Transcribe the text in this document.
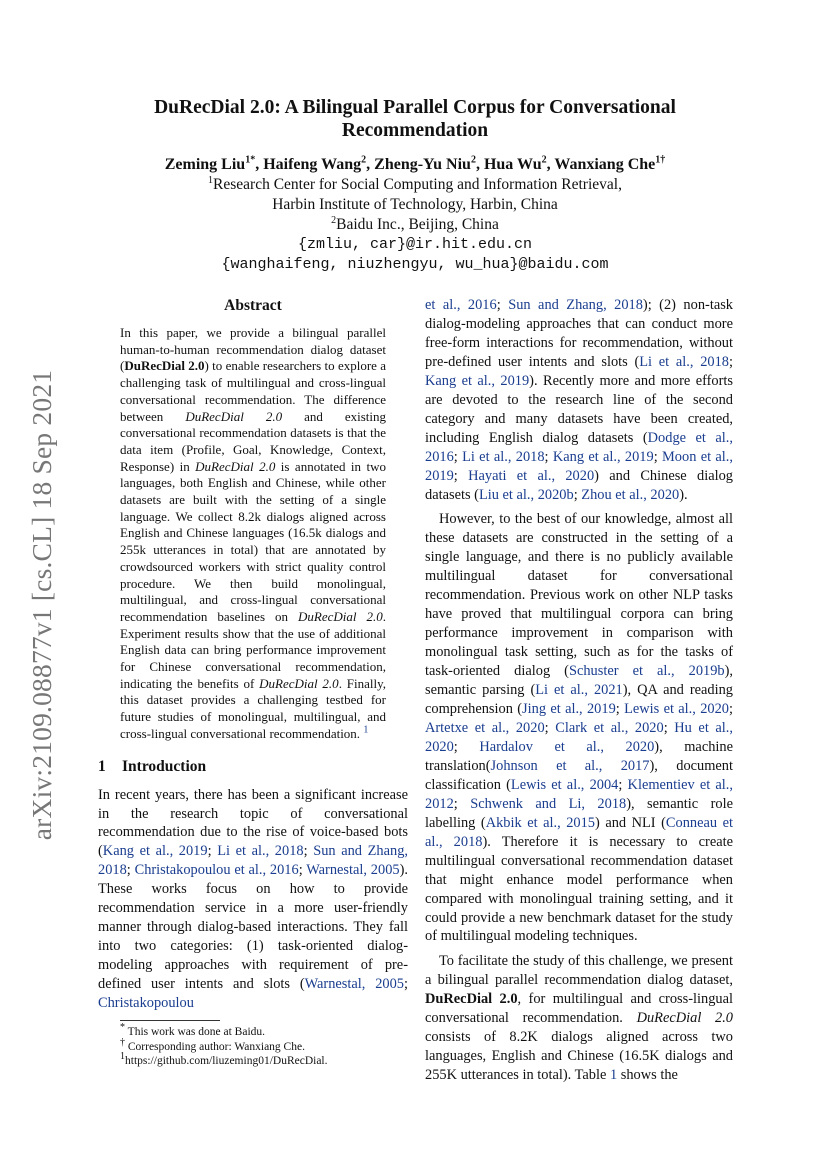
arXiv:2109.08877v1 [cs.CL] 18 Sep 2021
DuRecDial 2.0: A Bilingual Parallel Corpus for Conversational Recommendation
Zeming Liu$^{1*}$, Haifeng Wang$^2$, Zheng-Yu Niu$^2$, Hua Wu$^2$, Wanxiang Che$^{1\dagger}$
$^1$Research Center for Social Computing and Information Retrieval,
Harbin Institute of Technology, Harbin, China
$^2$Baidu Inc., Beijing, China
{zmliu, car}@ir.hit.edu.cn
{wanghaifeng, niuzhengyu, wu_hua}@baidu.com
Abstract
In this paper, we provide a bilingual parallel human-to-human recommendation dialog dataset (DuRecDial 2.0) to enable researchers to explore a challenging task of multilingual and cross-lingual conversational recommendation. The difference between DuRecDial 2.0 and existing conversational recommendation datasets is that the data item (Profile, Goal, Knowledge, Context, Response) in DuRecDial 2.0 is annotated in two languages, both English and Chinese, while other datasets are built with the setting of a single language. We collect 8.2k dialogs aligned across English and Chinese languages (16.5k dialogs and 255k utterances in total) that are annotated by crowdsourced workers with strict quality control procedure. We then build monolingual, multilingual, and cross-lingual conversational recommendation baselines on DuRecDial 2.0. Experiment results show that the use of additional English data can bring performance improvement for Chinese conversational recommendation, indicating the benefits of DuRecDial 2.0. Finally, this dataset provides a challenging testbed for future studies of monolingual, multilingual, and cross-lingual conversational recommendation. $^1$
1 Introduction

In recent years, there has been a significant increase in the research topic of conversational recommendation due to the rise of voice-based bots (Kang et al., 2019; Li et al., 2018; Sun and Zhang, 2018; Christakopoulou et al., 2016; Warnestal, 2005). These works focus on how to provide recommendation service in a more user-friendly manner through dialog-based interactions. They fall into two categories: (1) task-oriented dialog-modeling approaches with requirement of pre-defined user intents and slots (Warnestal, 2005; Christakopoulou

* This work was done at Baidu.
† Corresponding author: Wanxiang Che.
$^1$https://github.com/liuzeming01/DuRecDial.

et al., 2016; Sun and Zhang, 2018); (2) non-task dialog-modeling approaches that can conduct more free-form interactions for recommendation, without pre-defined user intents and slots (Li et al., 2018; Kang et al., 2019). Recently more and more efforts are devoted to the research line of the second category and many datasets have been created, including English dialog datasets (Dodge et al., 2016; Li et al., 2018; Kang et al., 2019; Moon et al., 2019; Hayati et al., 2020) and Chinese dialog datasets (Liu et al., 2020b; Zhou et al., 2020).

However, to the best of our knowledge, almost all these datasets are constructed in the setting of a single language, and there is no publicly available multilingual dataset for conversational recommendation. Previous work on other NLP tasks have proved that multilingual corpora can bring performance improvement in comparison with monolingual task setting, such as for the tasks of task-oriented dialog (Schuster et al., 2019b), semantic parsing (Li et al., 2021), QA and reading comprehension (Jing et al., 2019; Lewis et al., 2020; Artetxe et al., 2020; Clark et al., 2020; Hu et al., 2020; Hardalov et al., 2020), machine translation(Johnson et al., 2017), document classification (Lewis et al., 2004; Klementiev et al., 2012; Schwenk and Li, 2018), semantic role labelling (Akbik et al., 2015) and NLI (Conneau et al., 2018). Therefore it is necessary to create multilingual conversational recommendation dataset that might enhance model performance when compared with monolingual training setting, and it could provide a new benchmark dataset for the study of multilingual modeling techniques.

To facilitate the study of this challenge, we present a bilingual parallel recommendation dialog dataset, DuRecDial 2.0, for multilingual and cross-lingual conversational recommendation. DuRecDial 2.0 consists of 8.2K dialogs aligned across two languages, English and Chinese (16.5K dialogs and 255K utterances in total). Table 1 shows the
